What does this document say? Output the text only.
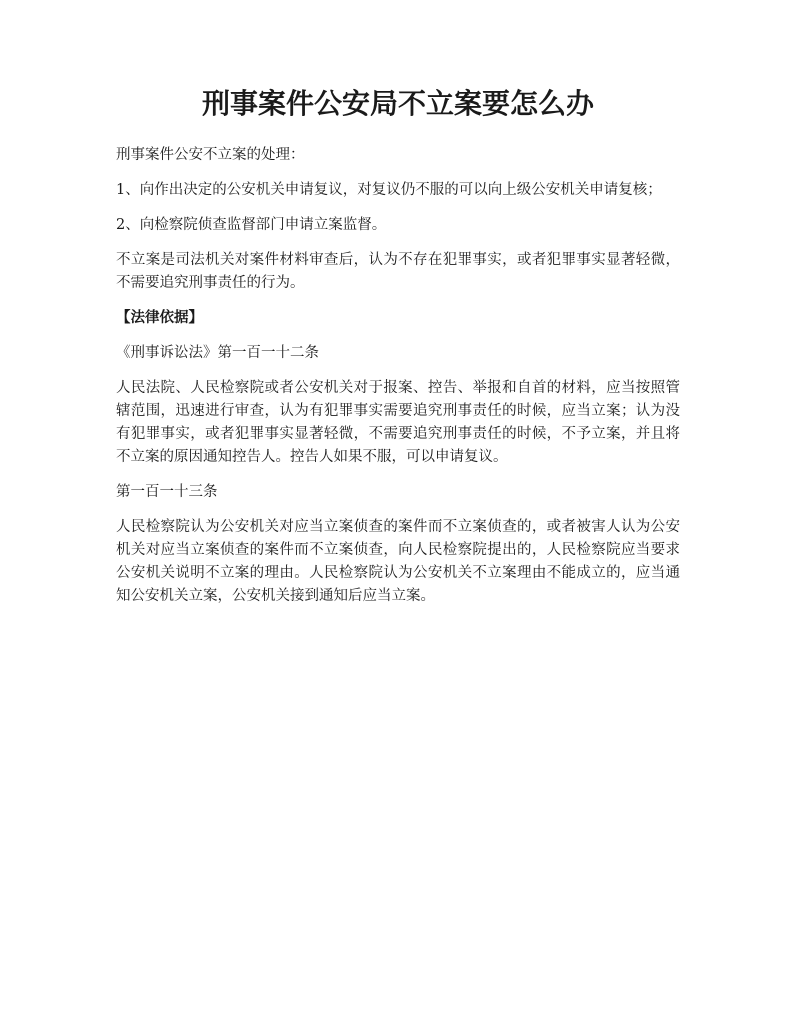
刑事案件公安局不立案要怎么办

刑事案件公安不立案的处理：

1、向作出决定的公安机关申请复议，对复议仍不服的可以向上级公安机关申请复核；

2、向检察院侦查监督部门申请立案监督。

不立案是司法机关对案件材料审查后，认为不存在犯罪事实，或者犯罪事实显著轻微，不需要追究刑事责任的行为。

【法律依据】

《刑事诉讼法》第一百一十二条

人民法院、人民检察院或者公安机关对于报案、控告、举报和自首的材料，应当按照管辖范围，迅速进行审查，认为有犯罪事实需要追究刑事责任的时候，应当立案；认为没有犯罪事实，或者犯罪事实显著轻微，不需要追究刑事责任的时候，不予立案，并且将不立案的原因通知控告人。控告人如果不服，可以申请复议。

第一百一十三条

人民检察院认为公安机关对应当立案侦查的案件而不立案侦查的，或者被害人认为公安机关对应当立案侦查的案件而不立案侦查，向人民检察院提出的，人民检察院应当要求公安机关说明不立案的理由。人民检察院认为公安机关不立案理由不能成立的，应当通知公安机关立案，公安机关接到通知后应当立案。
